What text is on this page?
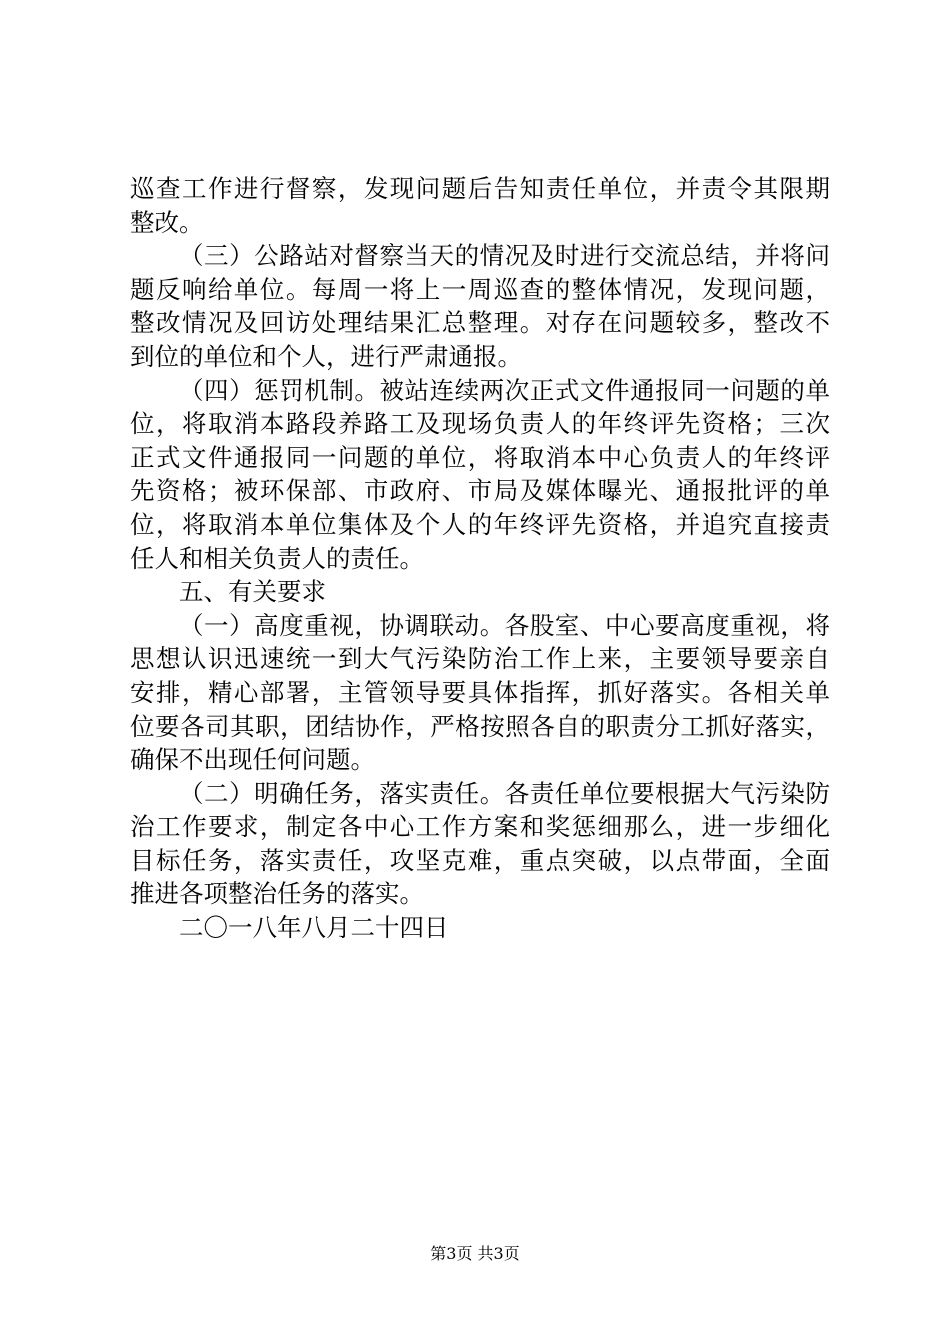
巡查工作进行督察，发现问题后告知责任单位，并责令其限期
整改。
（三）公路站对督察当天的情况及时进行交流总结，并将问
题反响给单位。每周一将上一周巡查的整体情况，发现问题，
整改情况及回访处理结果汇总整理。对存在问题较多，整改不
到位的单位和个人，进行严肃通报。
（四）惩罚机制。被站连续两次正式文件通报同一问题的单
位，将取消本路段养路工及现场负责人的年终评先资格；三次
正式文件通报同一问题的单位，将取消本中心负责人的年终评
先资格；被环保部、市政府、市局及媒体曝光、通报批评的单
位，将取消本单位集体及个人的年终评先资格，并追究直接责
任人和相关负责人的责任。
五、有关要求
（一）高度重视，协调联动。各股室、中心要高度重视，将
思想认识迅速统一到大气污染防治工作上来，主要领导要亲自
安排，精心部署，主管领导要具体指挥，抓好落实。各相关单
位要各司其职，团结协作，严格按照各自的职责分工抓好落实，
确保不出现任何问题。
（二）明确任务，落实责任。各责任单位要根据大气污染防
治工作要求，制定各中心工作方案和奖惩细那么，进一步细化
目标任务，落实责任，攻坚克难，重点突破，以点带面，全面
推进各项整治任务的落实。
二〇一八年八月二十四日
第3页 共3页
